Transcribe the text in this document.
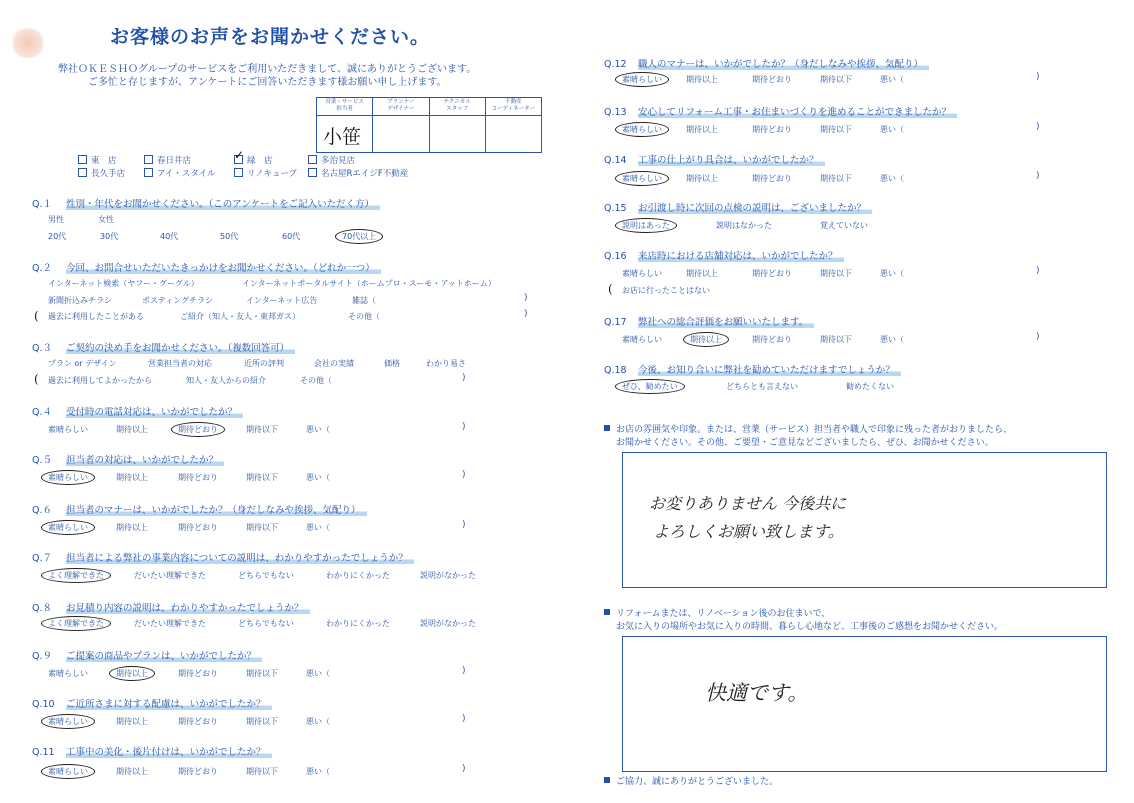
お客様のお声をお聞かせください。
弊社ＯＫＥＳＨＯグループのサービスをご利用いただきまして、誠にありがとうございます。
ご多忙と存じますが、アンケートにご回答いただきます様お願い申し上げます。
営業・サービス
担当者
小笹
プランナー
デザイナー
テクニカル
スタッフ
不動産
コーディネーター
東　店	春日井店
✓	緑　店	多治見店
長久手店	アイ・スタイル	リノキューブ	名古屋RエイジF不動産
Q.１ 性別・年代をお聞かせください。（このアンケートをご記入いただく方）
男性	女性
20代	30代	40代	50代	60代	70代以上
Q.２ 今回、お問合せいただいたきっかけをお聞かせください。（どれか一つ）
インターネット検索（ヤフー・グーグル）	インターネットポータルサイト（ホームプロ・スーモ・アットホーム）
新聞折込みチラシ	ポスティングチラシ	インターネット広告	雑誌（	)
( 過去に利用したことがある	ご紹介（知人・友人・東邦ガス）	その他（	)
Q.３ ご契約の決め手をお聞かせください。（複数回答可）
プラン or デザイン	営業担当者の対応	近所の評判	会社の実績	価格	わかり易さ
( 過去に利用してよかったから	知人・友人からの紹介	その他（	)
Q.４ 受付時の電話対応は、いかがでしたか？
素晴らしい	期待以上	期待どおり	期待以下	悪い（	)
Q.５ 担当者の対応は、いかがでしたか？
素晴らしい	期待以上	期待どおり	期待以下	悪い（	)
Q.６ 担当者のマナーは、いかがでしたか？（身だしなみや挨拶、気配り）
素晴らしい	期待以上	期待どおり	期待以下	悪い（	)
Q.７ 担当者による弊社の事業内容についての説明は、わかりやすかったでしょうか？
よく理解できた	だいたい理解できた	どちらでもない	わかりにくかった	説明がなかった
Q.８ お見積り内容の説明は、わかりやすかったでしょうか？
よく理解できた	だいたい理解できた	どちらでもない	わかりにくかった	説明がなかった
Q.９ ご提案の商品やプランは、いかがでしたか？
素晴らしい	期待以上	期待どおり	期待以下	悪い（	)
Q.10 ご近所さまに対する配慮は、いかがでしたか？
素晴らしい	期待以上	期待どおり	期待以下	悪い（	)
Q.11 工事中の美化・後片付けは、いかがでしたか？
素晴らしい	期待以上	期待どおり	期待以下	悪い（	)
Q.12 職人のマナーは、いかがでしたか？（身だしなみや挨拶、気配り）
素晴らしい	期待以上	期待どおり	期待以下	悪い（	)
Q.13 安心してリフォーム工事・お住まいづくりを進めることができましたか？
素晴らしい	期待以上	期待どおり	期待以下	悪い（	)
Q.14 工事の仕上がり具合は、いかがでしたか？
素晴らしい	期待以上	期待どおり	期待以下	悪い（	)
Q.15 お引渡し時に次回の点検の説明は、ございましたか？
説明はあった	説明はなかった	覚えていない
Q.16 来店時における店舗対応は、いかがでしたか？
素晴らしい	期待以上	期待どおり	期待以下	悪い（	)
( お店に行ったことはない
Q.17 弊社への総合評価をお願いいたします。
素晴らしい	期待以上	期待どおり	期待以下	悪い（	)
Q.18 今後、お知り合いに弊社を勧めていただけますでしょうか？
ぜひ、勧めたい	どちらとも言えない	勧めたくない
お店の雰囲気や印象。または、営業（サービス）担当者や職人で印象に残った者がおりましたら、
お聞かせください。その他、ご要望・ご意見などございましたら、ぜひ、お聞かせください。
お変りありません 今後共に
よろしくお願い致します。
リフォームまたは、リノベーション後のお住まいで、
お気に入りの場所やお気に入りの時間、暮らし心地など、工事後のご感想をお聞かせください。
快適です。
ご協力、誠にありがとうございました。
